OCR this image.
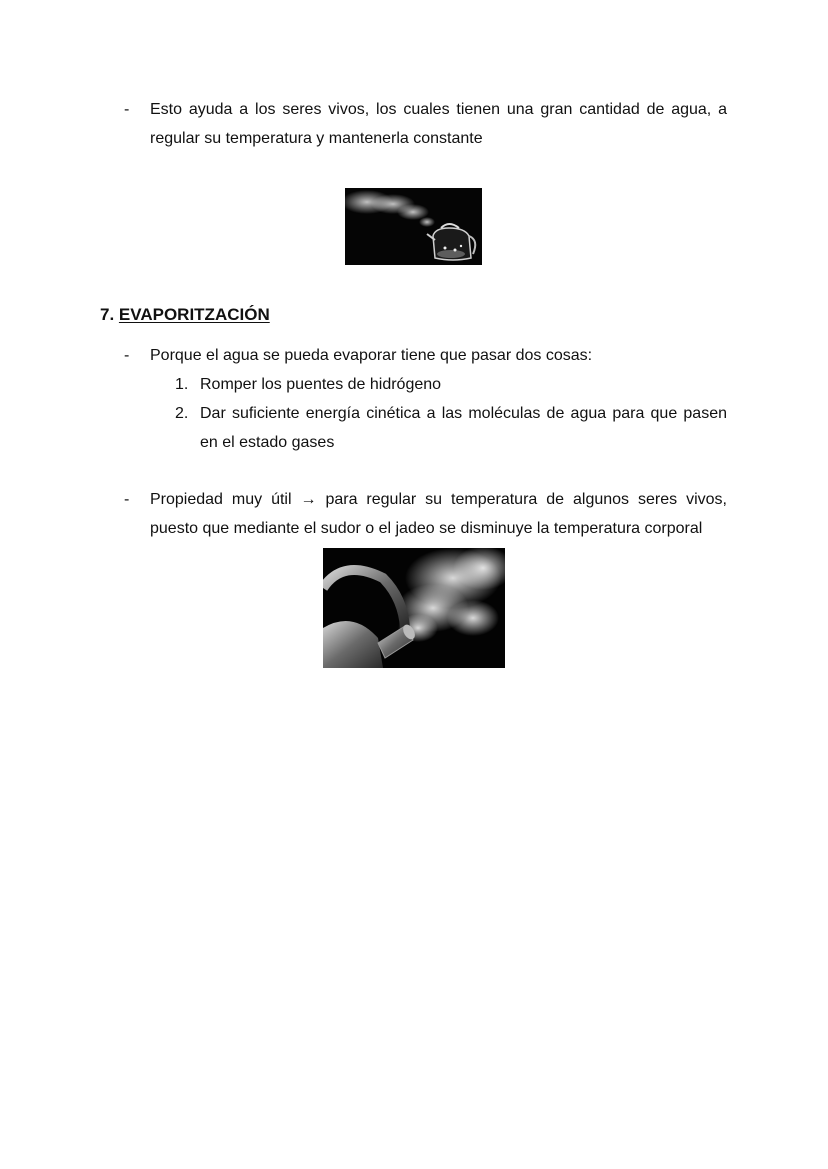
-	Esto ayuda a los seres vivos, los cuales tienen una gran cantidad de agua, a regular su temperatura y mantenerla constante
7. EVAPORITZACIÓN
-	Porque el agua se pueda evaporar tiene que pasar dos cosas:
1. Romper los puentes de hidrógeno
2. Dar suficiente energía cinética a las moléculas de agua para que pasen en el estado gases
-	Propiedad muy útil → para regular su temperatura de algunos seres vivos, puesto que mediante el sudor o el jadeo se disminuye la temperatura corporal
